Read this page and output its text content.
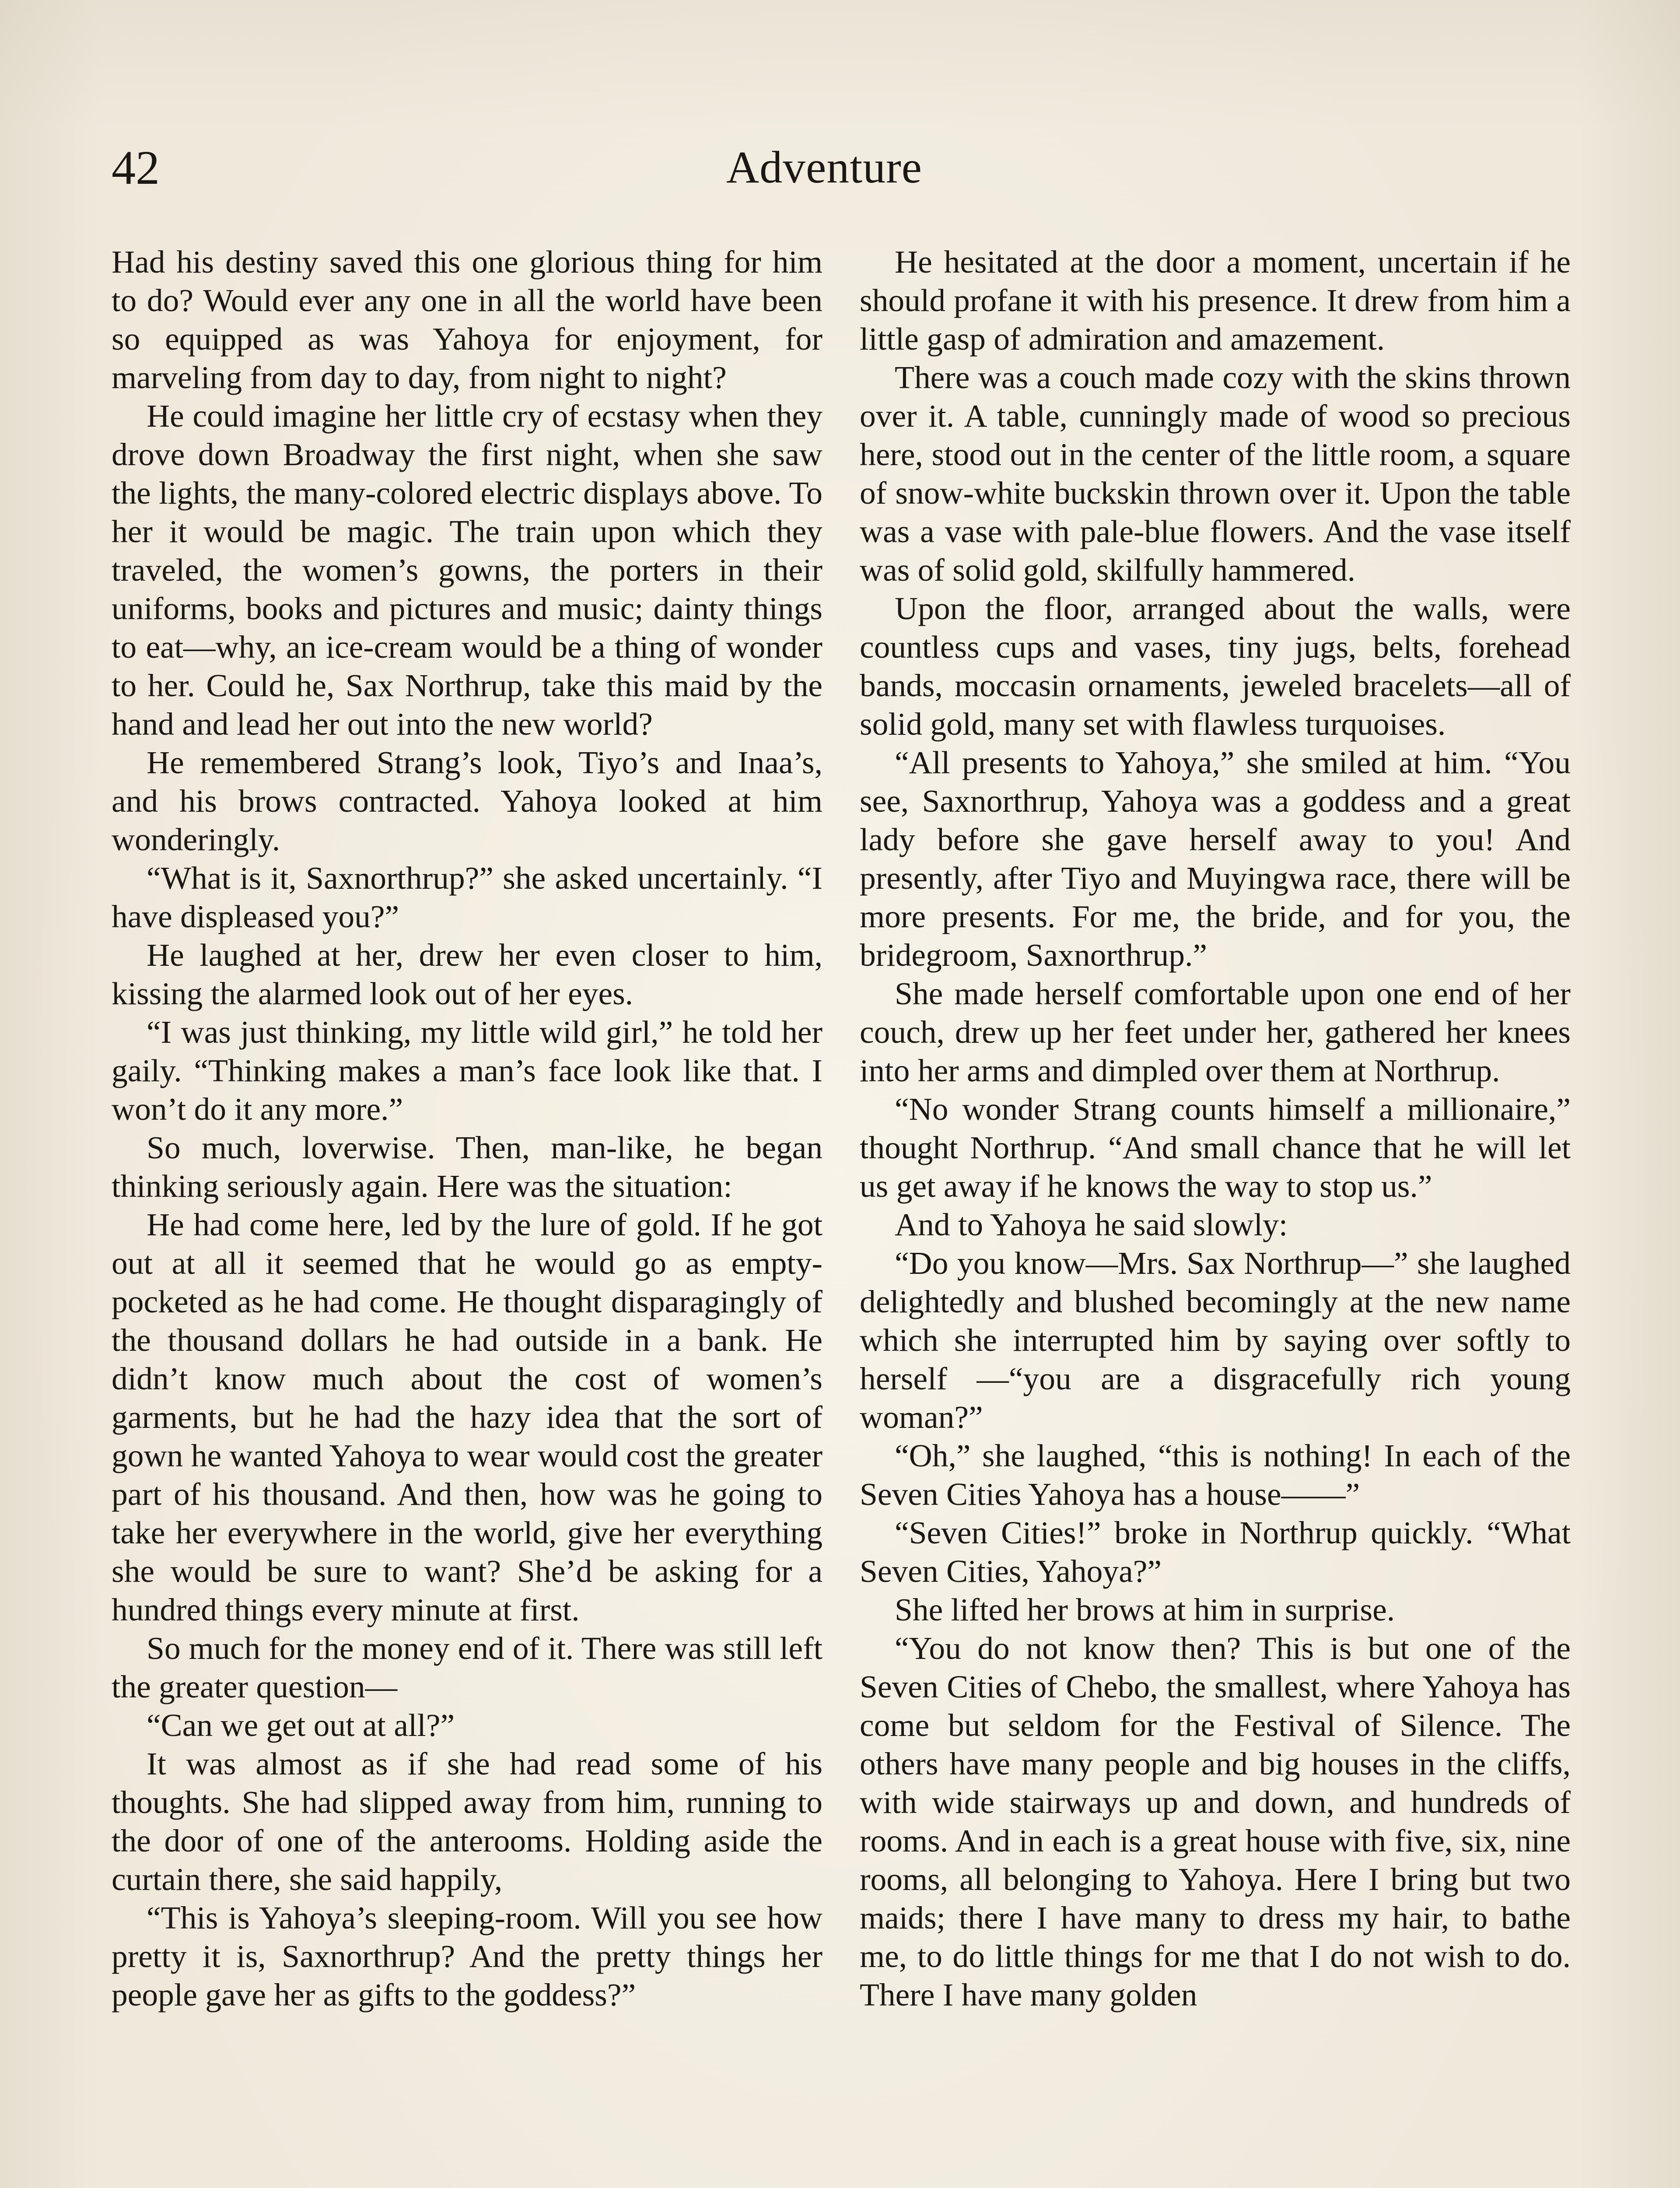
42	Adventure

Had his destiny saved this one glorious thing for him to do? Would ever any one in all the world have been so equipped as was Yahoya for enjoyment, for marveling from day to day, from night to night?

He could imagine her little cry of ecstasy when they drove down Broadway the first night, when she saw the lights, the many-colored electric displays above. To her it would be magic. The train upon which they traveled, the women’s gowns, the porters in their uniforms, books and pictures and music; dainty things to eat—why, an ice-cream would be a thing of wonder to her. Could he, Sax Northrup, take this maid by the hand and lead her out into the new world?

He remembered Strang’s look, Tiyo’s and Inaa’s, and his brows contracted. Yahoya looked at him wonderingly.

“What is it, Saxnorthrup?” she asked uncertainly. “I have displeased you?”

He laughed at her, drew her even closer to him, kissing the alarmed look out of her eyes.

“I was just thinking, my little wild girl,” he told her gaily. “Thinking makes a man’s face look like that. I won’t do it any more.”

So much, loverwise. Then, man-like, he began thinking seriously again. Here was the situation:

He had come here, led by the lure of gold. If he got out at all it seemed that he would go as empty-pocketed as he had come. He thought disparagingly of the thousand dollars he had outside in a bank. He didn’t know much about the cost of women’s garments, but he had the hazy idea that the sort of gown he wanted Yahoya to wear would cost the greater part of his thousand. And then, how was he going to take her everywhere in the world, give her everything she would be sure to want? She’d be asking for a hundred things every minute at first.

So much for the money end of it. There was still left the greater question—

“Can we get out at all?”

It was almost as if she had read some of his thoughts. She had slipped away from him, running to the door of one of the anterooms. Holding aside the curtain there, she said happily,

“This is Yahoya’s sleeping-room. Will you see how pretty it is, Saxnorthrup? And the pretty things her people gave her as gifts to the goddess?”

He hesitated at the door a moment, uncertain if he should profane it with his presence. It drew from him a little gasp of admiration and amazement.

There was a couch made cozy with the skins thrown over it. A table, cunningly made of wood so precious here, stood out in the center of the little room, a square of snow-white buckskin thrown over it. Upon the table was a vase with pale-blue flowers. And the vase itself was of solid gold, skilfully hammered.

Upon the floor, arranged about the walls, were countless cups and vases, tiny jugs, belts, forehead bands, moccasin ornaments, jeweled bracelets—all of solid gold, many set with flawless turquoises.

“All presents to Yahoya,” she smiled at him. “You see, Saxnorthrup, Yahoya was a goddess and a great lady before she gave herself away to you! And presently, after Tiyo and Muyingwa race, there will be more presents. For me, the bride, and for you, the bridegroom, Saxnorthrup.”

She made herself comfortable upon one end of her couch, drew up her feet under her, gathered her knees into her arms and dimpled over them at Northrup.

“No wonder Strang counts himself a millionaire,” thought Northrup. “And small chance that he will let us get away if he knows the way to stop us.”

And to Yahoya he said slowly:

“Do you know—Mrs. Sax Northrup—” she laughed delightedly and blushed becomingly at the new name which she interrupted him by saying over softly to herself —“you are a disgracefully rich young woman?”

“Oh,” she laughed, “this is nothing! In each of the Seven Cities Yahoya has a house——”

“Seven Cities!” broke in Northrup quickly. “What Seven Cities, Yahoya?”

She lifted her brows at him in surprise.

“You do not know then? This is but one of the Seven Cities of Chebo, the smallest, where Yahoya has come but seldom for the Festival of Silence. The others have many people and big houses in the cliffs, with wide stairways up and down, and hundreds of rooms. And in each is a great house with five, six, nine rooms, all belonging to Yahoya. Here I bring but two maids; there I have many to dress my hair, to bathe me, to do little things for me that I do not wish to do. There I have many golden
